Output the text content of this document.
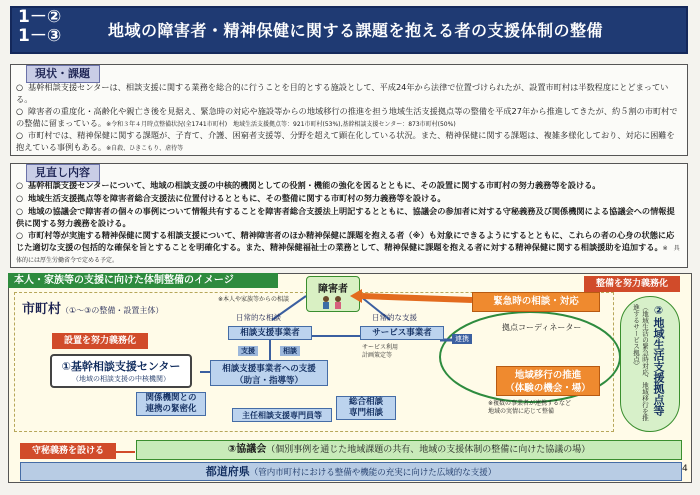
1－②
1－③	地域の障害者・精神保健に関する課題を抱える者の支援体制の整備
現状・課題
○ 基幹相談支援センターは、相談支援に関する業務を総合的に行うことを目的とする施設として、平成24年から法律で位置づけられたが、設置市町村は半数程度にとどまっている。
○ 障害者の重度化・高齢化や親亡き後を見据え、緊急時の対応や施設等からの地域移行の推進を担う地域生活支援拠点等の整備を平成27年から推進してきたが、約５割の市町村での整備に留まっている。※令和３年４月時点整備状況(全1741市町村)　地域生活支援拠点等：921市町村(53%),基幹相談支援センター：873市町村(50%)
○ 市町村では、精神保健に関する課題が、子育て、介護、困窮者支援等、分野を超えて顕在化している状況。また、精神保健に関する課題は、複雑多様化しており、対応に困難を抱えている事例もある。※自殺、ひきこもり、虐待等
見直し内容
○ 基幹相談支援センターについて、地域の相談支援の中核的機関としての役割・機能の強化を図るとともに、その設置に関する市町村の努力義務等を設ける。
○ 地域生活支援拠点等を障害者総合支援法に位置付けるとともに、その整備に関する市町村の努力義務等を設ける。
○ 地域の協議会で障害者の個々の事例について情報共有することを障害者総合支援法上明記するとともに、協議会の参加者に対する守秘義務及び関係機関による協議会への情報提供に関する努力義務を設ける。
○ 市町村等が実施する精神保健に関する相談支援について、精神障害者のほか精神保健に課題を抱える者（※）も対象にできるようにするとともに、これらの者の心身の状態に応じた適切な支援の包括的な確保を旨とすることを明確化する。また、精神保健福祉士の業務として、精神保健に課題を抱える者に対する精神保健に関する相談援助を追加する。※　具体的には厚生労働省令で定める予定。
本人・家族等の支援に向けた体制整備のイメージ
市町村（①～③の整備・設置主体）
設置を努力義務化
整備を努力義務化
①基幹相談支援センター
（地域の相談支援の中核機関）
※本人や家族等からの相談
障害者
日常的な相談	日常的な支援
相談支援事業者	サービス事業者
サービス利用
計画策定等
支援	相談
相談支援事業者への支援
（助言・指導等）
関係機関との
連携の緊密化
主任相談支援専門員等
総合相談
専門相談
緊急時の相談・対応
拠点コーディネーター
連携
地域移行の推進
（体験の機会・場）
※複数の事業者が連携するなど
地域の実情に応じて整備	②地域生活支援拠点等
（地域生活の緊急時対応、地域移行を推進するサービス拠点）
守秘義務を設ける	③協議会（個別事例を通じた地域課題の共有、地域の支援体制の整備に向けた協議の場）
都道府県（管内市町村における整備や機能の充実に向けた広域的な支援）	4
